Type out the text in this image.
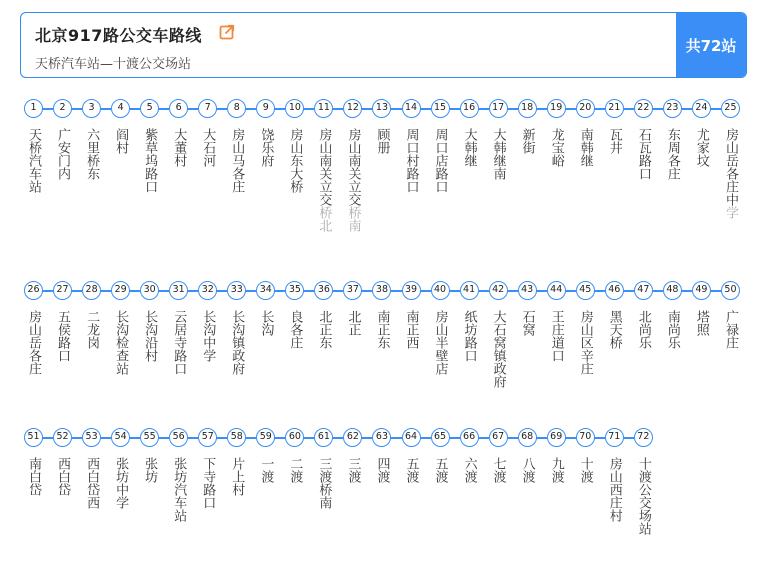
北京917路公交车路线
天桥汽车站—十渡公交场站
共72站
1
天桥汽车站
2
广安门内
3
六里桥东
4
阎村
5
紫草坞路口
6
大董村
7
大石河
8
房山马各庄
9
饶乐府
10
房山东大桥
11
房山南关立交桥北
12
房山南关立交桥南
13
顾册
14
周口村路口
15
周口店路口
16
大韩继
17
大韩继南
18
新街
19
龙宝峪
20
南韩继
21
瓦井
22
石瓦路口
23
东周各庄
24
尤家坟
25
房山岳各庄中学
26
房山岳各庄
27
五侯路口
28
二龙岗
29
长沟检查站
30
长沟沿村
31
云居寺路口
32
长沟中学
33
长沟镇政府
34
长沟
35
良各庄
36
北正东
37
北正
38
南正东
39
南正西
40
房山半壁店
41
纸坊路口
42
大石窝镇政府
43
石窝
44
王庄道口
45
房山区辛庄
46
黑天桥
47
北尚乐
48
南尚乐
49
塔照
50
广禄庄
51
南白岱
52
西白岱
53
西白岱西
54
张坊中学
55
张坊
56
张坊汽车站
57
下寺路口
58
片上村
59
一渡
60
二渡
61
三渡桥南
62
三渡
63
四渡
64
五渡
65
五渡
66
六渡
67
七渡
68
八渡
69
九渡
70
十渡
71
房山西庄村
72
十渡公交场站
